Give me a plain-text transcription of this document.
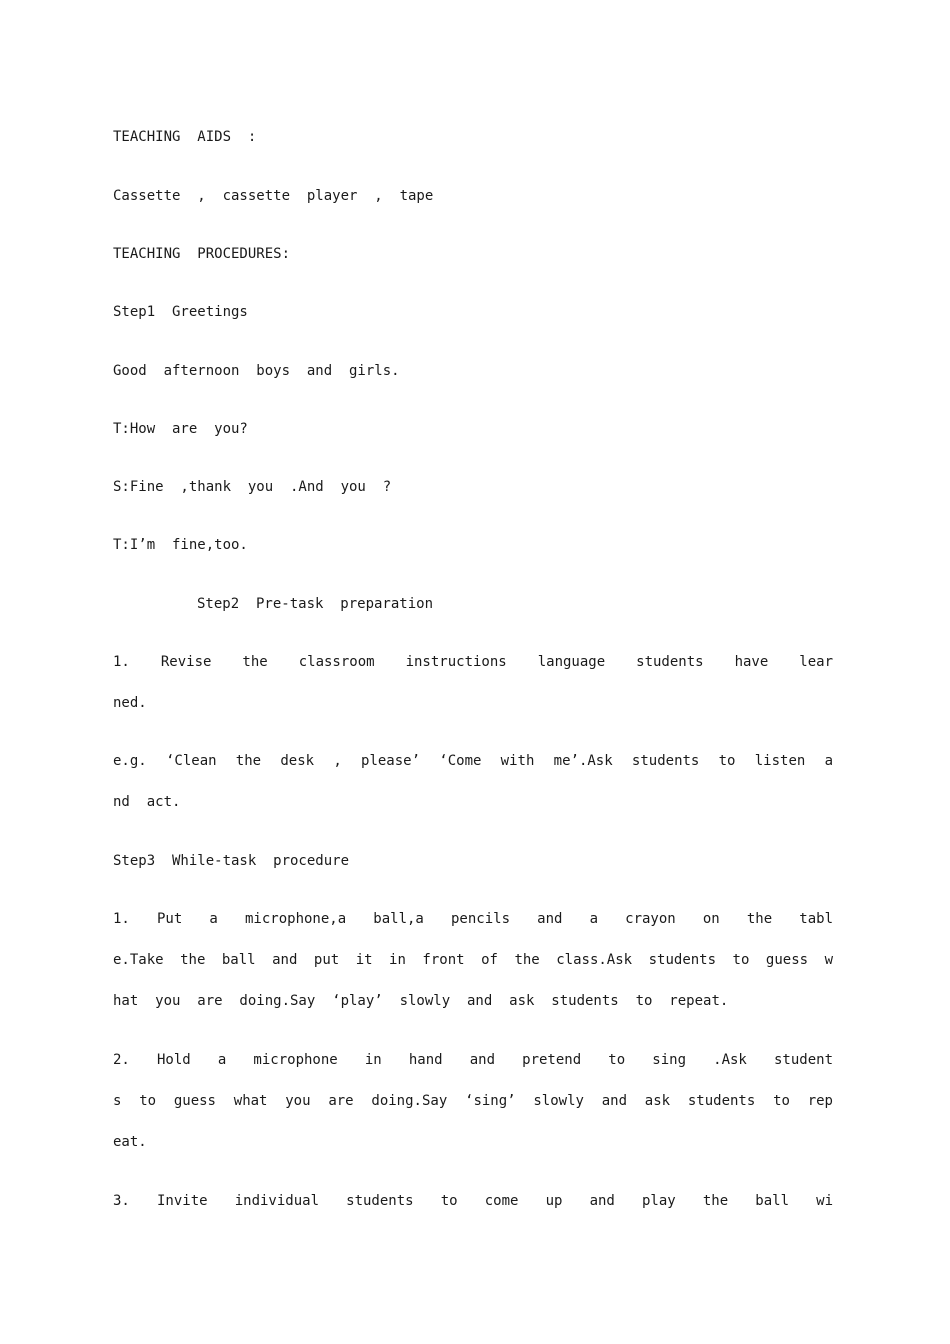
TEACHING  AIDS  :
Cassette  ,  cassette  player  ,  tape
TEACHING  PROCEDURES:
Step1  Greetings
Good  afternoon  boys  and  girls.
T:How  are  you?
S:Fine  ,thank  you  .And  you  ?
T:I’m  fine,too.
Step2  Pre-task  preparation
1. Revise the classroom instructions language students have lear
ned.
e.g. ‘Clean the desk , please’ ‘Come with me’.Ask students to listen a
nd  act.
Step3  While-task  procedure
1. Put a microphone,a ball,a pencils and a crayon on the tabl
e.Take the ball and put it in front of the class.Ask students to guess w
hat  you  are  doing.Say  ‘play’  slowly  and  ask  students  to  repeat.
2. Hold a microphone in hand and pretend to sing .Ask student
s to guess what you are doing.Say ‘sing’ slowly and ask students to rep
eat.
3. Invite individual students to come up and play the ball wi
